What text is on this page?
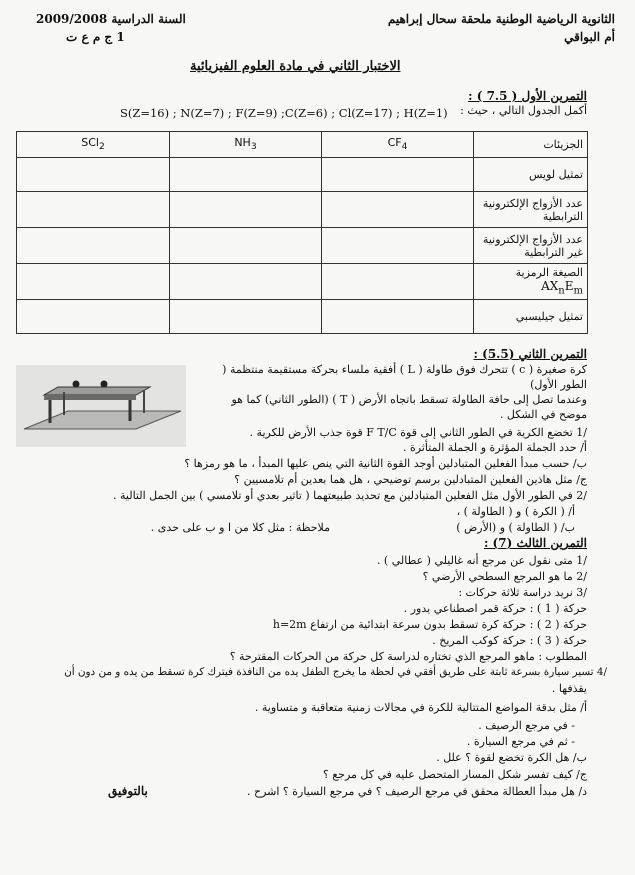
الثانوية الرياضية الوطنية ملحقة سحال إبراهيم
أم البواقي
السنة الدراسية 2009/2008
1 ج م ع ت
الاختبار الثاني في مادة العلوم الفيزيائية
التمرين الأول ( 7.5 ) :
أكمل الجدول التالي ، حيث :
S(Z=16) ; N(Z=7) ; F(Z=9) ;C(Z=6) ; Cl(Z=17) ; H(Z=1)
الجزيئات	$CF_4$	$NH_3$	SCl$_2$
تمثيل لويس			
عدد الأزواج الإلكترونية الترابطية			
عدد الأزواج الإلكترونية غير الترابطية			
الصيغة الرمزية $AX_nE_m$			
تمثيل جيليسبي			
التمرين الثاني (5.5) :
كرة صغيرة ( c ) تتحرك فوق طاولة ( L ) أفقية ملساء بحركة مستقيمة منتظمة (
الطور الأول)
وعندما تصل إلى حافة الطاولة تسقط باتجاه الأرض ( T ) (الطور الثاني) كما هو
موضح في الشكل .
/1 تخضع الكرية في الطور الثاني إلى قوة F T/C قوة جذب الأرض للكرية .
أ/ حدد الجملة المؤثرة و الجملة المتأثرة .
ب/ حسب مبدأ الفعلين المتبادلين أوجد القوة الثانية التي ينص عليها المبدأ ، ما هو رمزها ؟
ج/ مثل هاذين الفعلين المتبادلين برسم توضيحي ، هل هما بعدين أم تلامسيين ؟
/2 في الطور الأول مثل الفعلين المتبادلين مع تحديد طبيعتهما ( تاثير بعدي أو تلامسي ) بين الجمل التالية .
أ/ ( الكرة ) و ( الطاولة ) ،
ب/ ( الطاولة ) و (الأرض )
ملاحظة : مثل كلا من ا و ب على حدى .
التمرين الثالث (7) :
/1 متى نقول عن مرجع أنه غاليلي ( عطالي ) .
/2 ما هو المرجع السطحي الأرضي ؟
/3 نريد دراسة ثلاثة حركات :
حركة ( 1 ) : حركة قمر اصطناعي يدور .
حركة ( 2 ) : حركة كرة تسقط بدون سرعة ابتدائية من ارتفاع h=2m
حركة ( 3 ) : حركة كوكب المريخ .
المطلوب : ماهو المرجع الذي تختاره لدراسة كل حركة من الحركات المقترحة ؟
/4 تسير سيارة بسرعة ثابتة على طريق أفقي في لحظة ما يخرج الطفل يده من النافذة فيترك كرة تسقط من يده و من دون أن
يقذفها .
أ/ مثل بدقة المواضع المتتالية للكرة في مجالات زمنية متعاقبة و متساوية .
- في مرجع الرصيف .
- ثم في مرجع السيارة .
ب/ هل الكرة تخضع لقوة ؟ علل .
ج/ كيف تفسر شكل المسار المتحصل عليه في كل مرجع ؟
د/ هل مبدأ العطالة محقق في مرجع الرصيف ؟ في مرجع السيارة ؟ اشرح .
بالتوفيق
